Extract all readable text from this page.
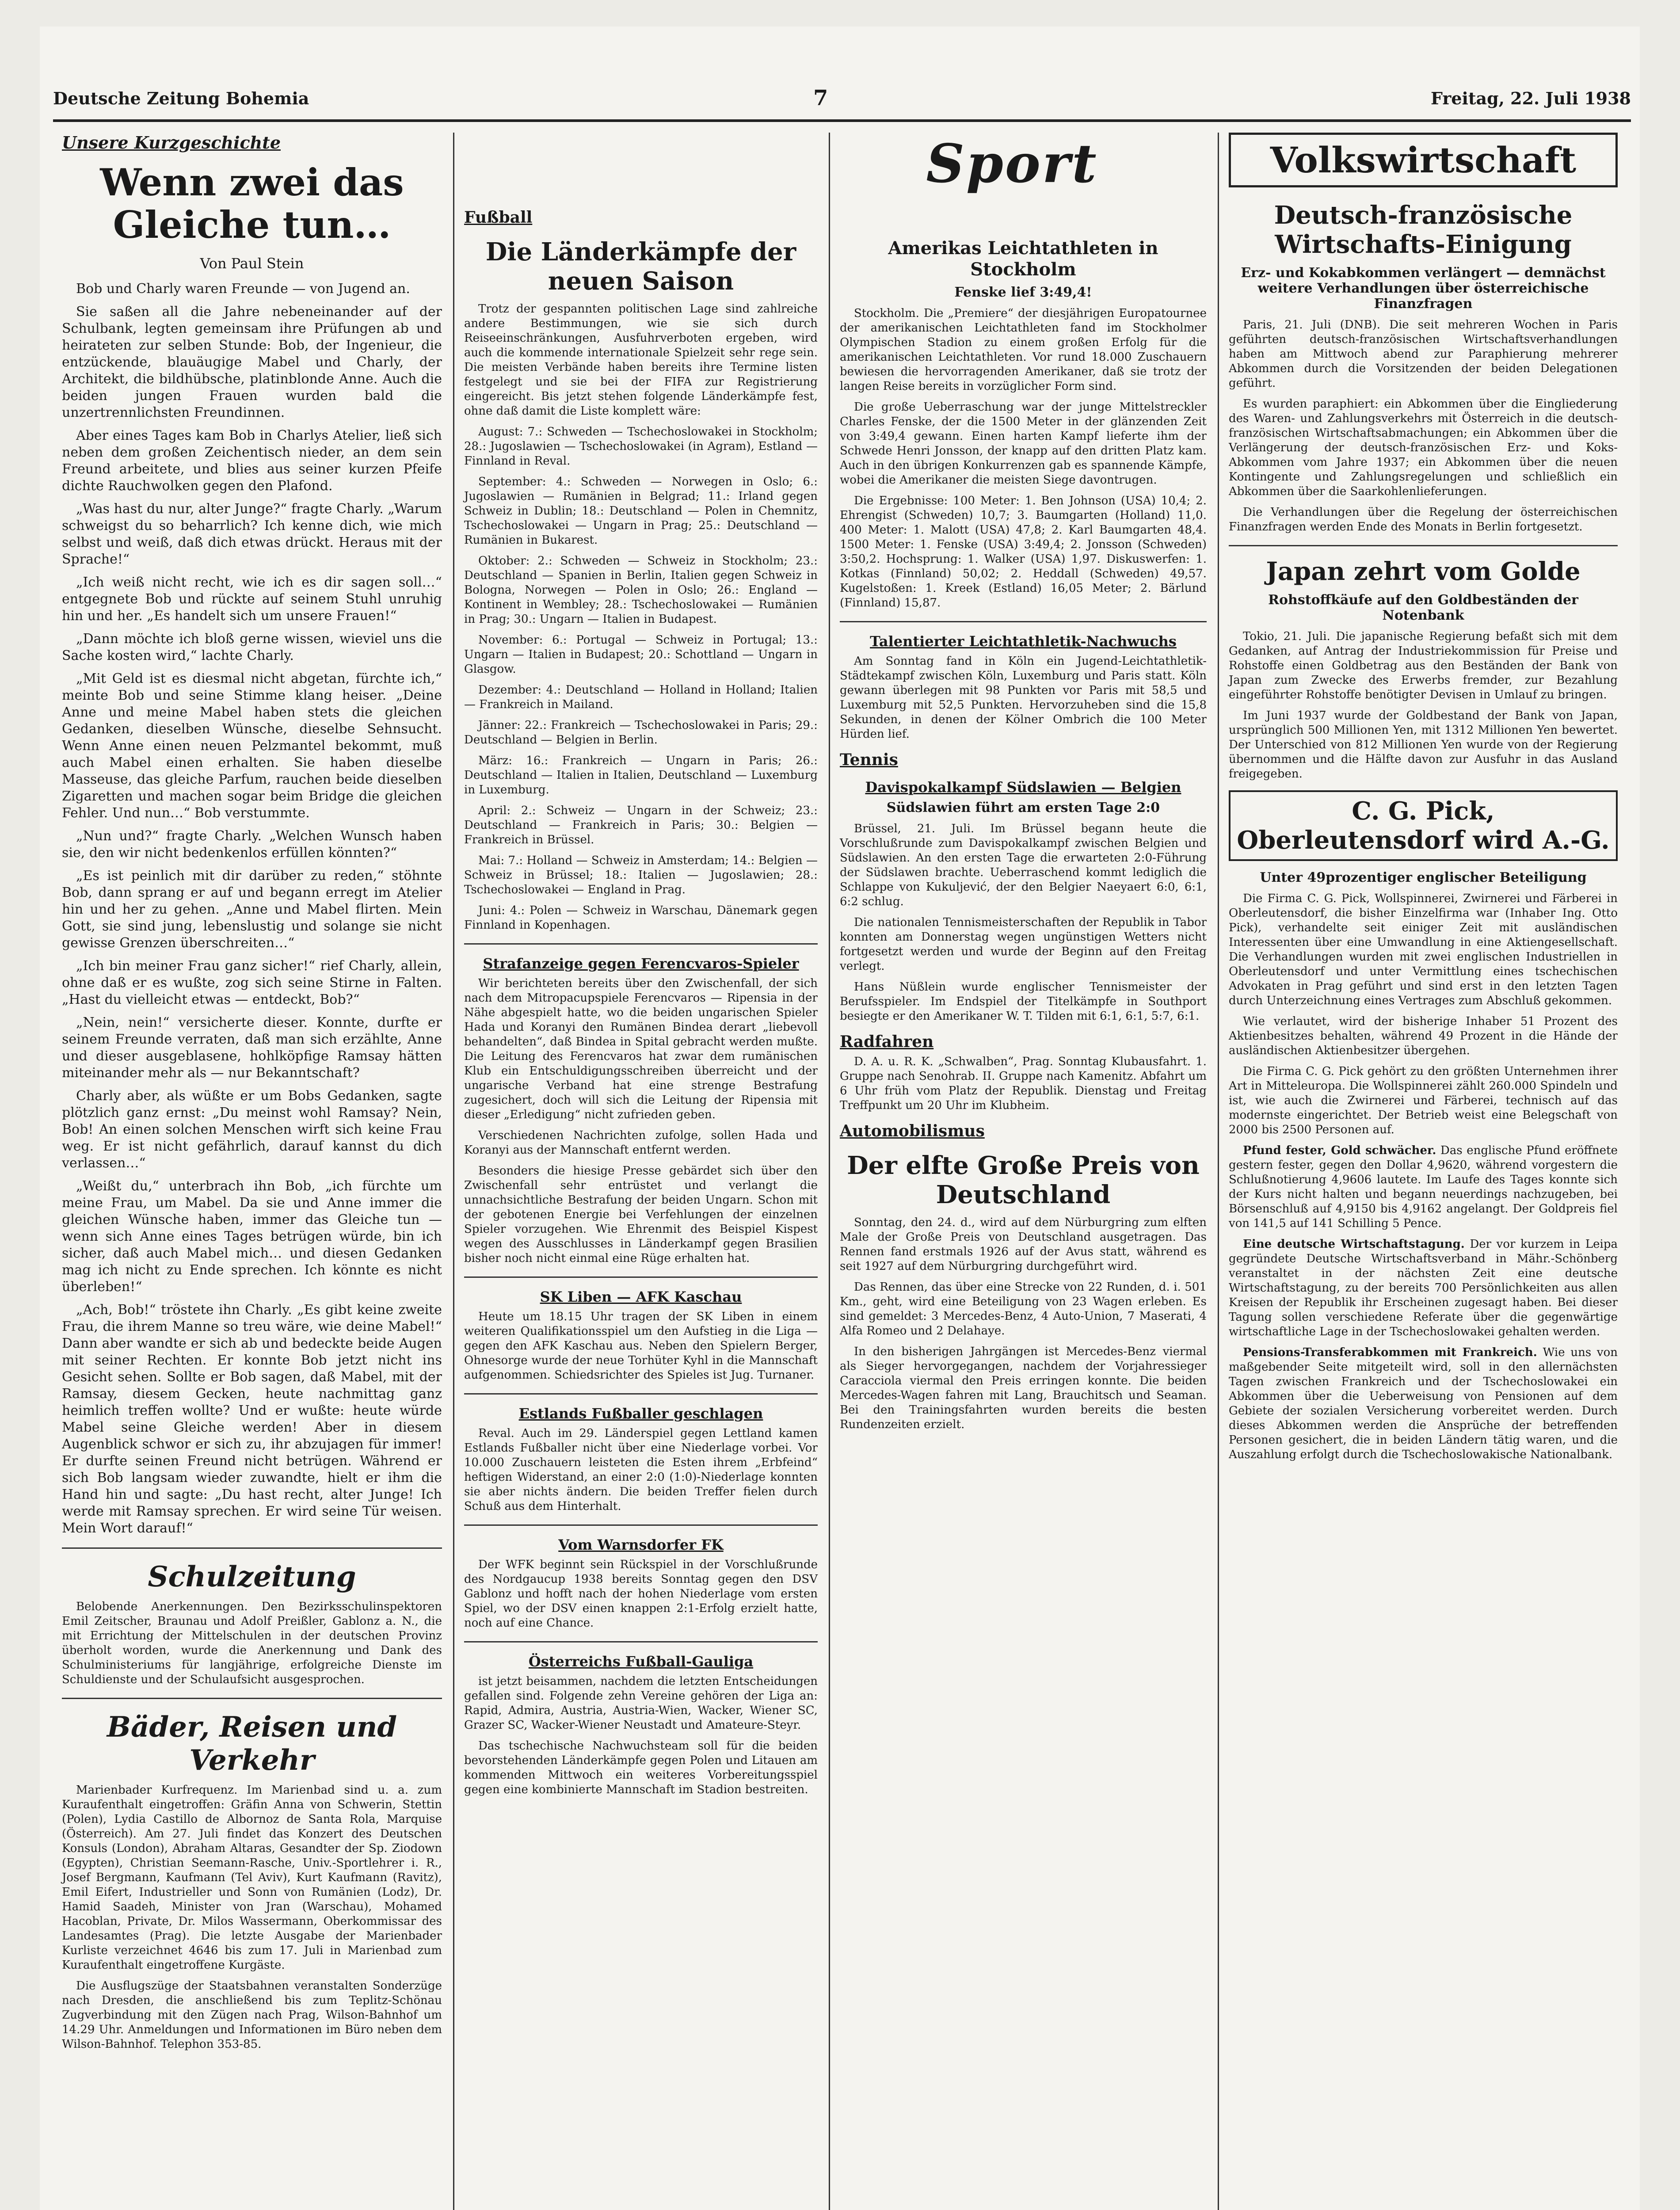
Deutsche Zeitung Bohemia	7	Freitag, 22. Juli 1938
Unsere Kurzgeschichte
Wenn zwei das Gleiche tun…
Von Paul Stein

Bob und Charly waren Freunde — von Jugend an.

Sie saßen all die Jahre nebeneinander auf der Schulbank, legten gemeinsam ihre Prüfungen ab und heirateten zur selben Stunde: Bob, der Ingenieur, die entzückende, blauäugige Mabel und Charly, der Architekt, die bildhübsche, platinblonde Anne. Auch die beiden jungen Frauen wurden bald die unzertrennlichsten Freundinnen.

Aber eines Tages kam Bob in Charlys Atelier, ließ sich neben dem großen Zeichentisch nieder, an dem sein Freund arbeitete, und blies aus seiner kurzen Pfeife dichte Rauchwolken gegen den Plafond.

„Was hast du nur, alter Junge?“ fragte Charly. „Warum schweigst du so beharrlich? Ich kenne dich, wie mich selbst und weiß, daß dich etwas drückt. Heraus mit der Sprache!“

„Ich weiß nicht recht, wie ich es dir sagen soll…“ entgegnete Bob und rückte auf seinem Stuhl unruhig hin und her. „Es handelt sich um unsere Frauen!“

„Dann möchte ich bloß gerne wissen, wieviel uns die Sache kosten wird,“ lachte Charly.

„Mit Geld ist es diesmal nicht abgetan, fürchte ich,“ meinte Bob und seine Stimme klang heiser. „Deine Anne und meine Mabel haben stets die gleichen Gedanken, dieselben Wünsche, dieselbe Sehnsucht. Wenn Anne einen neuen Pelzmantel bekommt, muß auch Mabel einen erhalten. Sie haben dieselbe Masseuse, das gleiche Parfum, rauchen beide dieselben Zigaretten und machen sogar beim Bridge die gleichen Fehler. Und nun…“ Bob verstummte.

„Nun und?“ fragte Charly. „Welchen Wunsch haben sie, den wir nicht bedenkenlos erfüllen könnten?“

„Es ist peinlich mit dir darüber zu reden,“ stöhnte Bob, dann sprang er auf und begann erregt im Atelier hin und her zu gehen. „Anne und Mabel flirten. Mein Gott, sie sind jung, lebenslustig und solange sie nicht gewisse Grenzen überschreiten…“

„Ich bin meiner Frau ganz sicher!“ rief Charly, allein, ohne daß er es wußte, zog sich seine Stirne in Falten. „Hast du vielleicht etwas — entdeckt, Bob?“

„Nein, nein!“ versicherte dieser. Konnte, durfte er seinem Freunde verraten, daß man sich erzählte, Anne und dieser ausgeblasene, hohlköpfige Ramsay hätten miteinander mehr als — nur Bekanntschaft?

Charly aber, als wüßte er um Bobs Gedanken, sagte plötzlich ganz ernst: „Du meinst wohl Ramsay? Nein, Bob! An einen solchen Menschen wirft sich keine Frau weg. Er ist nicht gefährlich, darauf kannst du dich verlassen…“

„Weißt du,“ unterbrach ihn Bob, „ich fürchte um meine Frau, um Mabel. Da sie und Anne immer die gleichen Wünsche haben, immer das Gleiche tun — wenn sich Anne eines Tages betrügen würde, bin ich sicher, daß auch Mabel mich… und diesen Gedanken mag ich nicht zu Ende sprechen. Ich könnte es nicht überleben!“

„Ach, Bob!“ tröstete ihn Charly. „Es gibt keine zweite Frau, die ihrem Manne so treu wäre, wie deine Mabel!“ Dann aber wandte er sich ab und bedeckte beide Augen mit seiner Rechten. Er konnte Bob jetzt nicht ins Gesicht sehen. Sollte er Bob sagen, daß Mabel, mit der Ramsay, diesem Gecken, heute nachmittag ganz heimlich treffen wollte? Und er wußte: heute würde Mabel seine Gleiche werden! Aber in diesem Augenblick schwor er sich zu, ihr abzujagen für immer! Er durfte seinen Freund nicht betrügen. Während er sich Bob langsam wieder zuwandte, hielt er ihm die Hand hin und sagte: „Du hast recht, alter Junge! Ich werde mit Ramsay sprechen. Er wird seine Tür weisen. Mein Wort darauf!“

Schulzeitung

Belobende Anerkennungen. Den Bezirksschulinspektoren Emil Zeitscher, Braunau und Adolf Preißler, Gablonz a. N., die mit Errichtung der Mittelschulen in der deutschen Provinz überholt worden, wurde die Anerkennung und Dank des Schulministeriums für langjährige, erfolgreiche Dienste im Schuldienste und der Schulaufsicht ausgesprochen.

Bäder, Reisen und Verkehr

Marienbader Kurfrequenz. Im Marienbad sind u. a. zum Kuraufenthalt eingetroffen: Gräfin Anna von Schwerin, Stettin (Polen), Lydia Castillo de Albornoz de Santa Rola, Marquise (Österreich). Am 27. Juli findet das Konzert des Deutschen Konsuls (London), Abraham Altaras, Gesandter der Sp. Ziodown (Egypten), Christian Seemann-Rasche, Univ.-Sportlehrer i. R., Josef Bergmann, Kaufmann (Tel Aviv), Kurt Kaufmann (Ravitz), Emil Eifert, Industrieller und Sonn von Rumänien (Lodz), Dr. Hamid Saadeh, Minister von Jran (Warschau), Mohamed Hacoblan, Private, Dr. Milos Wassermann, Oberkommissar des Landesamtes (Prag). Die letzte Ausgabe der Marienbader Kurliste verzeichnet 4646 bis zum 17. Juli in Marienbad zum Kuraufenthalt eingetroffene Kurgäste.

Die Ausflugszüge der Staatsbahnen veranstalten Sonderzüge nach Dresden, die anschließend bis zum Teplitz-Schönau Zugverbindung mit den Zügen nach Prag, Wilson-Bahnhof um 14.29 Uhr. Anmeldungen und Informationen im Büro neben dem Wilson-Bahnhof. Telephon 353-85.

Sport
Fußball
Die Länderkämpfe der neuen Saison

Trotz der gespannten politischen Lage sind zahlreiche andere Bestimmungen, wie sie sich durch Reiseeinschränkungen, Ausfuhrverboten ergeben, wird auch die kommende internationale Spielzeit sehr rege sein. Die meisten Verbände haben bereits ihre Termine listen festgelegt und sie bei der FIFA zur Registrierung eingereicht. Bis jetzt stehen folgende Länderkämpfe fest, ohne daß damit die Liste komplett wäre:

August: 7.: Schweden — Tschechoslowakei in Stockholm; 28.: Jugoslawien — Tschechoslowakei (in Agram), Estland — Finnland in Reval.

September: 4.: Schweden — Norwegen in Oslo; 6.: Jugoslawien — Rumänien in Belgrad; 11.: Irland gegen Schweiz in Dublin; 18.: Deutschland — Polen in Chemnitz, Tschechoslowakei — Ungarn in Prag; 25.: Deutschland — Rumänien in Bukarest.

Oktober: 2.: Schweden — Schweiz in Stockholm; 23.: Deutschland — Spanien in Berlin, Italien gegen Schweiz in Bologna, Norwegen — Polen in Oslo; 26.: England — Kontinent in Wembley; 28.: Tschechoslowakei — Rumänien in Prag; 30.: Ungarn — Italien in Budapest.

November: 6.: Portugal — Schweiz in Portugal; 13.: Ungarn — Italien in Budapest; 20.: Schottland — Ungarn in Glasgow.

Dezember: 4.: Deutschland — Holland in Holland; Italien — Frankreich in Mailand.

Jänner: 22.: Frankreich — Tschechoslowakei in Paris; 29.: Deutschland — Belgien in Berlin.

März: 16.: Frankreich — Ungarn in Paris; 26.: Deutschland — Italien in Italien, Deutschland — Luxemburg in Luxemburg.

April: 2.: Schweiz — Ungarn in der Schweiz; 23.: Deutschland — Frankreich in Paris; 30.: Belgien — Frankreich in Brüssel.

Mai: 7.: Holland — Schweiz in Amsterdam; 14.: Belgien — Schweiz in Brüssel; 18.: Italien — Jugoslawien; 28.: Tschechoslowakei — England in Prag.

Juni: 4.: Polen — Schweiz in Warschau, Dänemark gegen Finnland in Kopenhagen.

Strafanzeige gegen Ferencvaros-Spieler

Wir berichteten bereits über den Zwischenfall, der sich nach dem Mitropacupspiele Ferencvaros — Ripensia in der Nähe abgespielt hatte, wo die beiden ungarischen Spieler Hada und Koranyi den Rumänen Bindea derart „liebevoll behandelten“, daß Bindea in Spital gebracht werden mußte. Die Leitung des Ferencvaros hat zwar dem rumänischen Klub ein Entschuldigungsschreiben überreicht und der ungarische Verband hat eine strenge Bestrafung zugesichert, doch will sich die Leitung der Ripensia mit dieser „Erledigung“ nicht zufrieden geben.

Verschiedenen Nachrichten zufolge, sollen Hada und Koranyi aus der Mannschaft entfernt werden.

Besonders die hiesige Presse gebärdet sich über den Zwischenfall sehr entrüstet und verlangt die unnachsichtliche Bestrafung der beiden Ungarn. Schon mit der gebotenen Energie bei Verfehlungen der einzelnen Spieler vorzugehen. Wie Ehrenmit des Beispiel Kispest wegen des Ausschlusses in Länderkampf gegen Brasilien bisher noch nicht einmal eine Rüge erhalten hat.

SK Liben — AFK Kaschau

Heute um 18.15 Uhr tragen der SK Liben in einem weiteren Qualifikationsspiel um den Aufstieg in die Liga — gegen den AFK Kaschau aus. Neben den Spielern Berger, Ohnesorge wurde der neue Torhüter Kyhl in die Mannschaft aufgenommen. Schiedsrichter des Spieles ist Jug. Turnaner.

Estlands Fußballer geschlagen

Reval. Auch im 29. Länderspiel gegen Lettland kamen Estlands Fußballer nicht über eine Niederlage vorbei. Vor 10.000 Zuschauern leisteten die Esten ihrem „Erbfeind“ heftigen Widerstand, an einer 2:0 (1:0)-Niederlage konnten sie aber nichts ändern. Die beiden Treffer fielen durch Schuß aus dem Hinterhalt.

Vom Warnsdorfer FK

Der WFK beginnt sein Rückspiel in der Vorschlußrunde des Nordgaucup 1938 bereits Sonntag gegen den DSV Gablonz und hofft nach der hohen Niederlage vom ersten Spiel, wo der DSV einen knappen 2:1-Erfolg erzielt hatte, noch auf eine Chance.

Österreichs Fußball-Gauliga

ist jetzt beisammen, nachdem die letzten Entscheidungen gefallen sind. Folgende zehn Vereine gehören der Liga an: Rapid, Admira, Austria, Austria-Wien, Wacker, Wiener SC, Grazer SC, Wacker-Wiener Neustadt und Amateure-Steyr.

Das tschechische Nachwuchsteam soll für die beiden bevorstehenden Länderkämpfe gegen Polen und Litauen am kommenden Mittwoch ein weiteres Vorbereitungsspiel gegen eine kombinierte Mannschaft im Stadion bestreiten.

Amerikas Leichtathleten in Stockholm
Fenske lief 3:49,4!

Stockholm. Die „Premiere“ der diesjährigen Europatournee der amerikanischen Leichtathleten fand im Stockholmer Olympischen Stadion zu einem großen Erfolg für die amerikanischen Leichtathleten. Vor rund 18.000 Zuschauern bewiesen die hervorragenden Amerikaner, daß sie trotz der langen Reise bereits in vorzüglicher Form sind.

Die große Ueberraschung war der junge Mittelstreckler Charles Fenske, der die 1500 Meter in der glänzenden Zeit von 3:49,4 gewann. Einen harten Kampf lieferte ihm der Schwede Henri Jonsson, der knapp auf den dritten Platz kam. Auch in den übrigen Konkurrenzen gab es spannende Kämpfe, wobei die Amerikaner die meisten Siege davontrugen.

Die Ergebnisse: 100 Meter: 1. Ben Johnson (USA) 10,4; 2. Ehrengist (Schweden) 10,7; 3. Baumgarten (Holland) 11,0. 400 Meter: 1. Malott (USA) 47,8; 2. Karl Baumgarten 48,4. 1500 Meter: 1. Fenske (USA) 3:49,4; 2. Jonsson (Schweden) 3:50,2. Hochsprung: 1. Walker (USA) 1,97. Diskuswerfen: 1. Kotkas (Finnland) 50,02; 2. Heddall (Schweden) 49,57. Kugelstoßen: 1. Kreek (Estland) 16,05 Meter; 2. Bärlund (Finnland) 15,87.

Talentierter Leichtathletik-Nachwuchs

Am Sonntag fand in Köln ein Jugend-Leichtathletik-Städtekampf zwischen Köln, Luxemburg und Paris statt. Köln gewann überlegen mit 98 Punkten vor Paris mit 58,5 und Luxemburg mit 52,5 Punkten. Hervorzuheben sind die 15,8 Sekunden, in denen der Kölner Ombrich die 100 Meter Hürden lief.

Tennis
Davispokalkampf Südslawien — Belgien
Südslawien führt am ersten Tage 2:0

Brüssel, 21. Juli. Im Brüssel begann heute die Vorschlußrunde zum Davispokalkampf zwischen Belgien und Südslawien. An den ersten Tage die erwarteten 2:0-Führung der Südslawen brachte. Ueberraschend kommt lediglich die Schlappe von Kukuljević, der den Belgier Naeyaert 6:0, 6:1, 6:2 schlug.

Die nationalen Tennismeisterschaften der Republik in Tabor konnten am Donnerstag wegen ungünstigen Wetters nicht fortgesetzt werden und wurde der Beginn auf den Freitag verlegt.

Hans Nüßlein wurde englischer Tennismeister der Berufsspieler. Im Endspiel der Titelkämpfe in Southport besiegte er den Amerikaner W. T. Tilden mit 6:1, 6:1, 5:7, 6:1.

Radfahren

D. A. u. R. K. „Schwalben“, Prag. Sonntag Klubausfahrt. 1. Gruppe nach Senohrab. II. Gruppe nach Kamenitz. Abfahrt um 6 Uhr früh vom Platz der Republik. Dienstag und Freitag Treffpunkt um 20 Uhr im Klubheim.

Automobilismus
Der elfte Große Preis von Deutschland

Sonntag, den 24. d., wird auf dem Nürburgring zum elften Male der Große Preis von Deutschland ausgetragen. Das Rennen fand erstmals 1926 auf der Avus statt, während es seit 1927 auf dem Nürburgring durchgeführt wird.

Das Rennen, das über eine Strecke von 22 Runden, d. i. 501 Km., geht, wird eine Beteiligung von 23 Wagen erleben. Es sind gemeldet: 3 Mercedes-Benz, 4 Auto-Union, 7 Maserati, 4 Alfa Romeo und 2 Delahaye.

In den bisherigen Jahrgängen ist Mercedes-Benz viermal als Sieger hervorgegangen, nachdem der Vorjahressieger Caracciola viermal den Preis erringen konnte. Die beiden Mercedes-Wagen fahren mit Lang, Brauchitsch und Seaman. Bei den Trainingsfahrten wurden bereits die besten Rundenzeiten erzielt.

Volkswirtschaft
Deutsch-französische Wirtschafts-Einigung
Erz- und Kokabkommen verlängert — demnächst weitere Verhandlungen über österreichische Finanzfragen

Paris, 21. Juli (DNB). Die seit mehreren Wochen in Paris geführten deutsch-französischen Wirtschaftsverhandlungen haben am Mittwoch abend zur Paraphierung mehrerer Abkommen durch die Vorsitzenden der beiden Delegationen geführt.

Es wurden paraphiert: ein Abkommen über die Eingliederung des Waren- und Zahlungsverkehrs mit Österreich in die deutsch-französischen Wirtschaftsabmachungen; ein Abkommen über die Verlängerung der deutsch-französischen Erz- und Koks-Abkommen vom Jahre 1937; ein Abkommen über die neuen Kontingente und Zahlungsregelungen und schließlich ein Abkommen über die Saarkohlenlieferungen.

Die Verhandlungen über die Regelung der österreichischen Finanzfragen werden Ende des Monats in Berlin fortgesetzt.

Japan zehrt vom Golde
Rohstoffkäufe auf den Goldbeständen der Notenbank

Tokio, 21. Juli. Die japanische Regierung befaßt sich mit dem Gedanken, auf Antrag der Industriekommission für Preise und Rohstoffe einen Goldbetrag aus den Beständen der Bank von Japan zum Zwecke des Erwerbs fremder, zur Bezahlung eingeführter Rohstoffe benötigter Devisen in Umlauf zu bringen.

Im Juni 1937 wurde der Goldbestand der Bank von Japan, ursprünglich 500 Millionen Yen, mit 1312 Millionen Yen bewertet. Der Unterschied von 812 Millionen Yen wurde von der Regierung übernommen und die Hälfte davon zur Ausfuhr in das Ausland freigegeben.

C. G. Pick, Oberleutensdorf wird A.-G.
Unter 49prozentiger englischer Beteiligung

Die Firma C. G. Pick, Wollspinnerei, Zwirnerei und Färberei in Oberleutensdorf, die bisher Einzelfirma war (Inhaber Ing. Otto Pick), verhandelte seit einiger Zeit mit ausländischen Interessenten über eine Umwandlung in eine Aktiengesellschaft. Die Verhandlungen wurden mit zwei englischen Industriellen in Oberleutensdorf und unter Vermittlung eines tschechischen Advokaten in Prag geführt und sind erst in den letzten Tagen durch Unterzeichnung eines Vertrages zum Abschluß gekommen.

Wie verlautet, wird der bisherige Inhaber 51 Prozent des Aktienbesitzes behalten, während 49 Prozent in die Hände der ausländischen Aktienbesitzer übergehen.

Die Firma C. G. Pick gehört zu den größten Unternehmen ihrer Art in Mitteleuropa. Die Wollspinnerei zählt 260.000 Spindeln und ist, wie auch die Zwirnerei und Färberei, technisch auf das modernste eingerichtet. Der Betrieb weist eine Belegschaft von 2000 bis 2500 Personen auf.

Pfund fester, Gold schwächer. Das englische Pfund eröffnete gestern fester, gegen den Dollar 4,9620, während vorgestern die Schlußnotierung 4,9606 lautete. Im Laufe des Tages konnte sich der Kurs nicht halten und begann neuerdings nachzugeben, bei Börsenschluß auf 4,9150 bis 4,9162 angelangt. Der Goldpreis fiel von 141,5 auf 141 Schilling 5 Pence.

Eine deutsche Wirtschaftstagung. Der vor kurzem in Leipa gegründete Deutsche Wirtschaftsverband in Mähr.-Schönberg veranstaltet in der nächsten Zeit eine deutsche Wirtschaftstagung, zu der bereits 700 Persönlichkeiten aus allen Kreisen der Republik ihr Erscheinen zugesagt haben. Bei dieser Tagung sollen verschiedene Referate über die gegenwärtige wirtschaftliche Lage in der Tschechoslowakei gehalten werden.

Pensions-Transferabkommen mit Frankreich. Wie uns von maßgebender Seite mitgeteilt wird, soll in den allernächsten Tagen zwischen Frankreich und der Tschechoslowakei ein Abkommen über die Ueberweisung von Pensionen auf dem Gebiete der sozialen Versicherung vorbereitet werden. Durch dieses Abkommen werden die Ansprüche der betreffenden Personen gesichert, die in beiden Ländern tätig waren, und die Auszahlung erfolgt durch die Tschechoslowakische Nationalbank.
